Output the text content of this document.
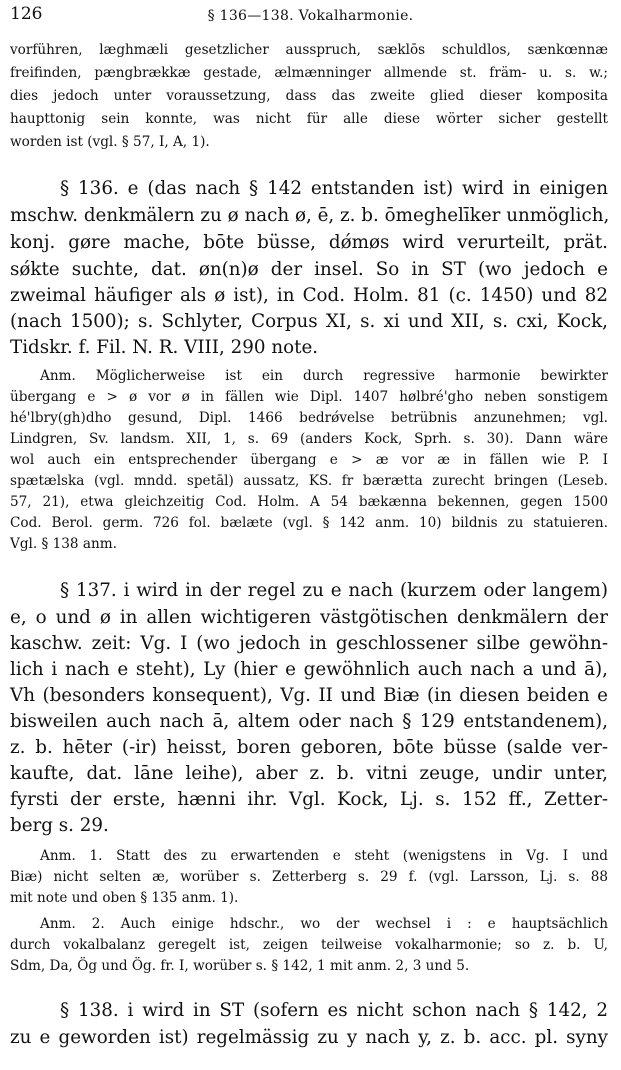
126	§ 136—138. Vokalharmonie.
vorführen, læghmæli gesetzlicher ausspruch, sæklōs schuldlos, sænkœnnæ
freifinden, pængbrækkæ gestade, ælmænninger allmende st. främ- u. s. w.;
dies jedoch unter voraussetzung, dass das zweite glied dieser komposita
haupttonig sein konnte, was nicht für alle diese wörter sicher gestellt
worden ist (vgl. § 57, I, A, 1).
§ 136. e (das nach § 142 entstanden ist) wird in einigen
mschw. denkmälern zu ø nach ø, ē, z. b. ōmeghelīker unmöglich,
konj. gøre mache, bōte büsse, dǿmøs wird verurteilt, prät.
sǿkte suchte, dat. øn(n)ø der insel. So in ST (wo jedoch e
zweimal häufiger als ø ist), in Cod. Holm. 81 (c. 1450) und 82
(nach 1500); s. Schlyter, Corpus XI, s. xi und XII, s. cxi, Kock,
Tidskr. f. Fil. N. R. VIII, 290 note.
Anm. Möglicherweise ist ein durch regressive harmonie bewirkter
übergang e > ø vor ø in fällen wie Dipl. 1407 hølbré'gho neben sonstigem
hé'lbry(gh)dho gesund, Dipl. 1466 bedrǿvelse betrübnis anzunehmen; vgl.
Lindgren, Sv. landsm. XII, 1, s. 69 (anders Kock, Sprh. s. 30). Dann wäre
wol auch ein entsprechender übergang e > æ vor æ in fällen wie P. I
spætælska (vgl. mndd. spetāl) aussatz, KS. fr bærætta zurecht bringen (Leseb.
57, 21), etwa gleichzeitig Cod. Holm. A 54 bækænna bekennen, gegen 1500
Cod. Berol. germ. 726 fol. bælæte (vgl. § 142 anm. 10) bildnis zu statuieren.
Vgl. § 138 anm.
§ 137. i wird in der regel zu e nach (kurzem oder langem)
e, o und ø in allen wichtigeren västgötischen denkmälern der
kaschw. zeit: Vg. I (wo jedoch in geschlossener silbe gewöhn-
lich i nach e steht), Ly (hier e gewöhnlich auch nach a und ā),
Vh (besonders konsequent), Vg. II und Biæ (in diesen beiden e
bisweilen auch nach ā, altem oder nach § 129 entstandenem),
z. b. hēter (-ir) heisst, boren geboren, bōte büsse (salde ver-
kaufte, dat. lāne leihe), aber z. b. vitni zeuge, undir unter,
fyrsti der erste, hænni ihr. Vgl. Kock, Lj. s. 152 ff., Zetter-
berg s. 29.
Anm. 1. Statt des zu erwartenden e steht (wenigstens in Vg. I und
Biæ) nicht selten æ, worüber s. Zetterberg s. 29 f. (vgl. Larsson, Lj. s. 88
mit note und oben § 135 anm. 1).
Anm. 2. Auch einige hdschr., wo der wechsel i : e hauptsächlich
durch vokalbalanz geregelt ist, zeigen teilweise vokalharmonie; so z. b. U,
Sdm, Da, Ög und Ög. fr. I, worüber s. § 142, 1 mit anm. 2, 3 und 5.
§ 138. i wird in ST (sofern es nicht schon nach § 142, 2
zu e geworden ist) regelmässig zu y nach y, z. b. acc. pl. syny
